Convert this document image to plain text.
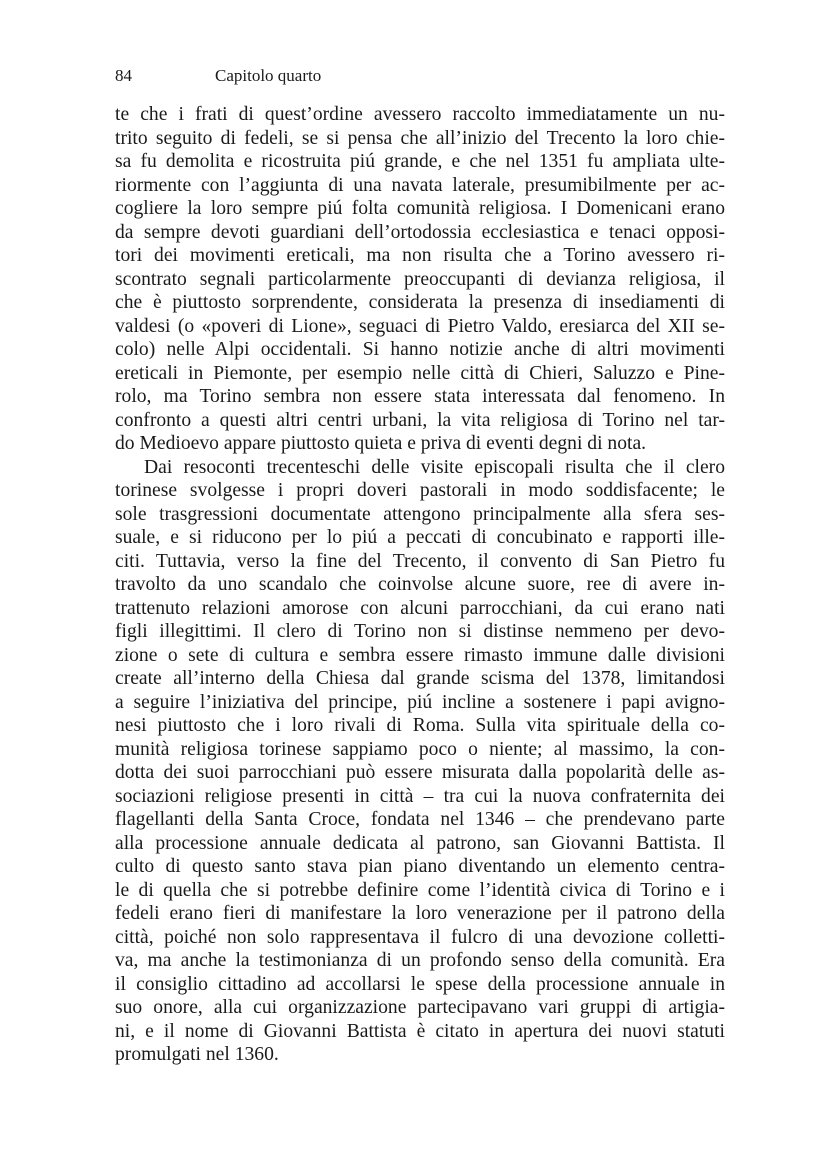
84	Capitolo quarto
te che i frati di quest’ordine avessero raccolto immediatamente un nu-
trito seguito di fedeli, se si pensa che all’inizio del Trecento la loro chie-
sa fu demolita e ricostruita piú grande, e che nel 1351 fu ampliata ulte-
riormente con l’aggiunta di una navata laterale, presumibilmente per ac-
cogliere la loro sempre piú folta comunità religiosa. I Domenicani erano
da sempre devoti guardiani dell’ortodossia ecclesiastica e tenaci opposi-
tori dei movimenti ereticali, ma non risulta che a Torino avessero ri-
scontrato segnali particolarmente preoccupanti di devianza religiosa, il
che è piuttosto sorprendente, considerata la presenza di insediamenti di
valdesi (o «poveri di Lione», seguaci di Pietro Valdo, eresiarca del XII se-
colo) nelle Alpi occidentali. Si hanno notizie anche di altri movimenti
ereticali in Piemonte, per esempio nelle città di Chieri, Saluzzo e Pine-
rolo, ma Torino sembra non essere stata interessata dal fenomeno. In
confronto a questi altri centri urbani, la vita religiosa di Torino nel tar-
do Medioevo appare piuttosto quieta e priva di eventi degni di nota.
Dai resoconti trecenteschi delle visite episcopali risulta che il clero
torinese svolgesse i propri doveri pastorali in modo soddisfacente; le
sole trasgressioni documentate attengono principalmente alla sfera ses-
suale, e si riducono per lo piú a peccati di concubinato e rapporti ille-
citi. Tuttavia, verso la fine del Trecento, il convento di San Pietro fu
travolto da uno scandalo che coinvolse alcune suore, ree di avere in-
trattenuto relazioni amorose con alcuni parrocchiani, da cui erano nati
figli illegittimi. Il clero di Torino non si distinse nemmeno per devo-
zione o sete di cultura e sembra essere rimasto immune dalle divisioni
create all’interno della Chiesa dal grande scisma del 1378, limitandosi
a seguire l’iniziativa del principe, piú incline a sostenere i papi avigno-
nesi piuttosto che i loro rivali di Roma. Sulla vita spirituale della co-
munità religiosa torinese sappiamo poco o niente; al massimo, la con-
dotta dei suoi parrocchiani può essere misurata dalla popolarità delle as-
sociazioni religiose presenti in città – tra cui la nuova confraternita dei
flagellanti della Santa Croce, fondata nel 1346 – che prendevano parte
alla processione annuale dedicata al patrono, san Giovanni Battista. Il
culto di questo santo stava pian piano diventando un elemento centra-
le di quella che si potrebbe definire come l’identità civica di Torino e i
fedeli erano fieri di manifestare la loro venerazione per il patrono della
città, poiché non solo rappresentava il fulcro di una devozione colletti-
va, ma anche la testimonianza di un profondo senso della comunità. Era
il consiglio cittadino ad accollarsi le spese della processione annuale in
suo onore, alla cui organizzazione partecipavano vari gruppi di artigia-
ni, e il nome di Giovanni Battista è citato in apertura dei nuovi statuti
promulgati nel 1360.
